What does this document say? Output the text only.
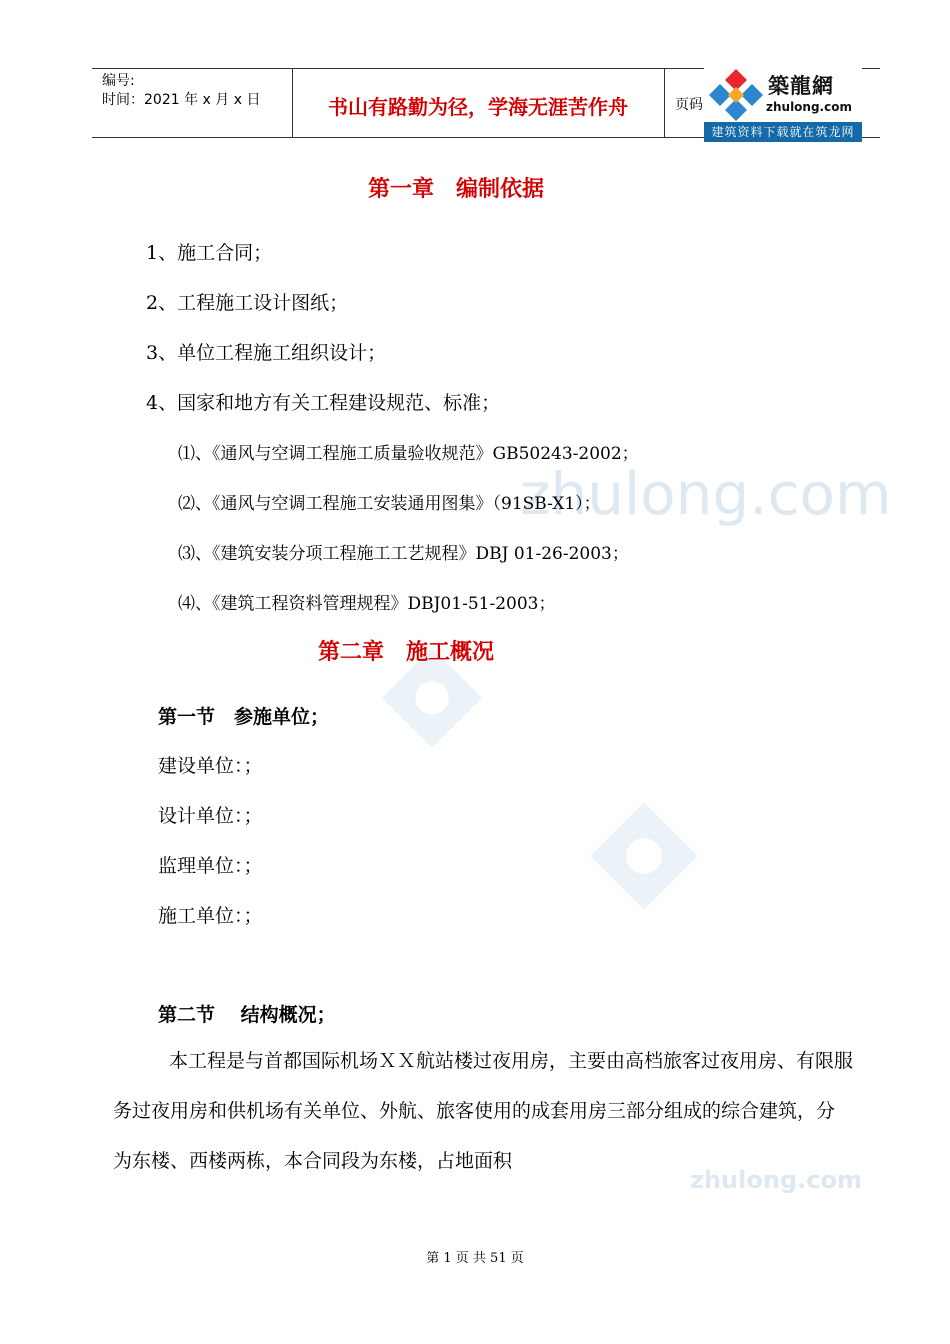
zhulong.com
zhulong.com
编号:
时间：2021 年 x 月 x 日	书山有路勤为径，学海无涯苦作舟	页码
築龍網
zhulong.com
建筑资料下载就在筑龙网
第一章　编制依据
1、施工合同；
2、工程施工设计图纸；
3、单位工程施工组织设计；
4、国家和地方有关工程建设规范、标准；
⑴、《通风与空调工程施工质量验收规范》GB50243-2002；
⑵、《通风与空调工程施工安装通用图集》（91SB-X1）；
⑶、《建筑安装分项工程施工工艺规程》DBJ 01-26-2003；
⑷、《建筑工程资料管理规程》DBJ01-51-2003；
第二章　施工概况
第一节　参施单位；
建设单位：；
设计单位：；
监理单位：；
施工单位：；
第二节　 结构概况；
本工程是与首都国际机场ＸＸ航站楼过夜用房，主要由高档旅客过夜用房、有限服务过夜用房和供机场有关单位、外航、旅客使用的成套用房三部分组成的综合建筑，分为东楼、西楼两栋，本合同段为东楼，占地面积
第 1 页 共 51 页
